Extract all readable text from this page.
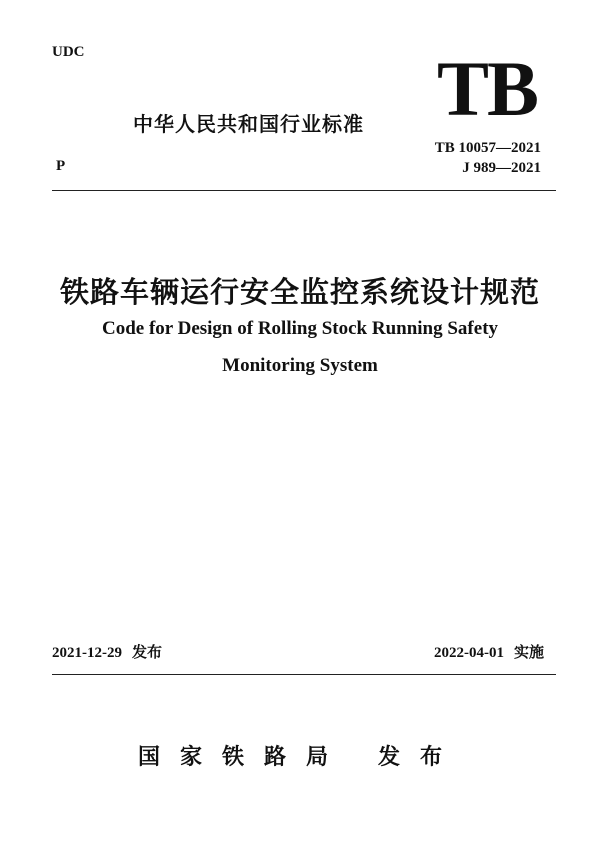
UDC
中华人民共和国行业标准 TB
P
TB 10057—2021
J 989—2021
铁路车辆运行安全监控系统设计规范
Code for Design of Rolling Stock Running Safety
Monitoring System
2021-12-29 发布	2022-04-01 实施
国家铁路局 发布
